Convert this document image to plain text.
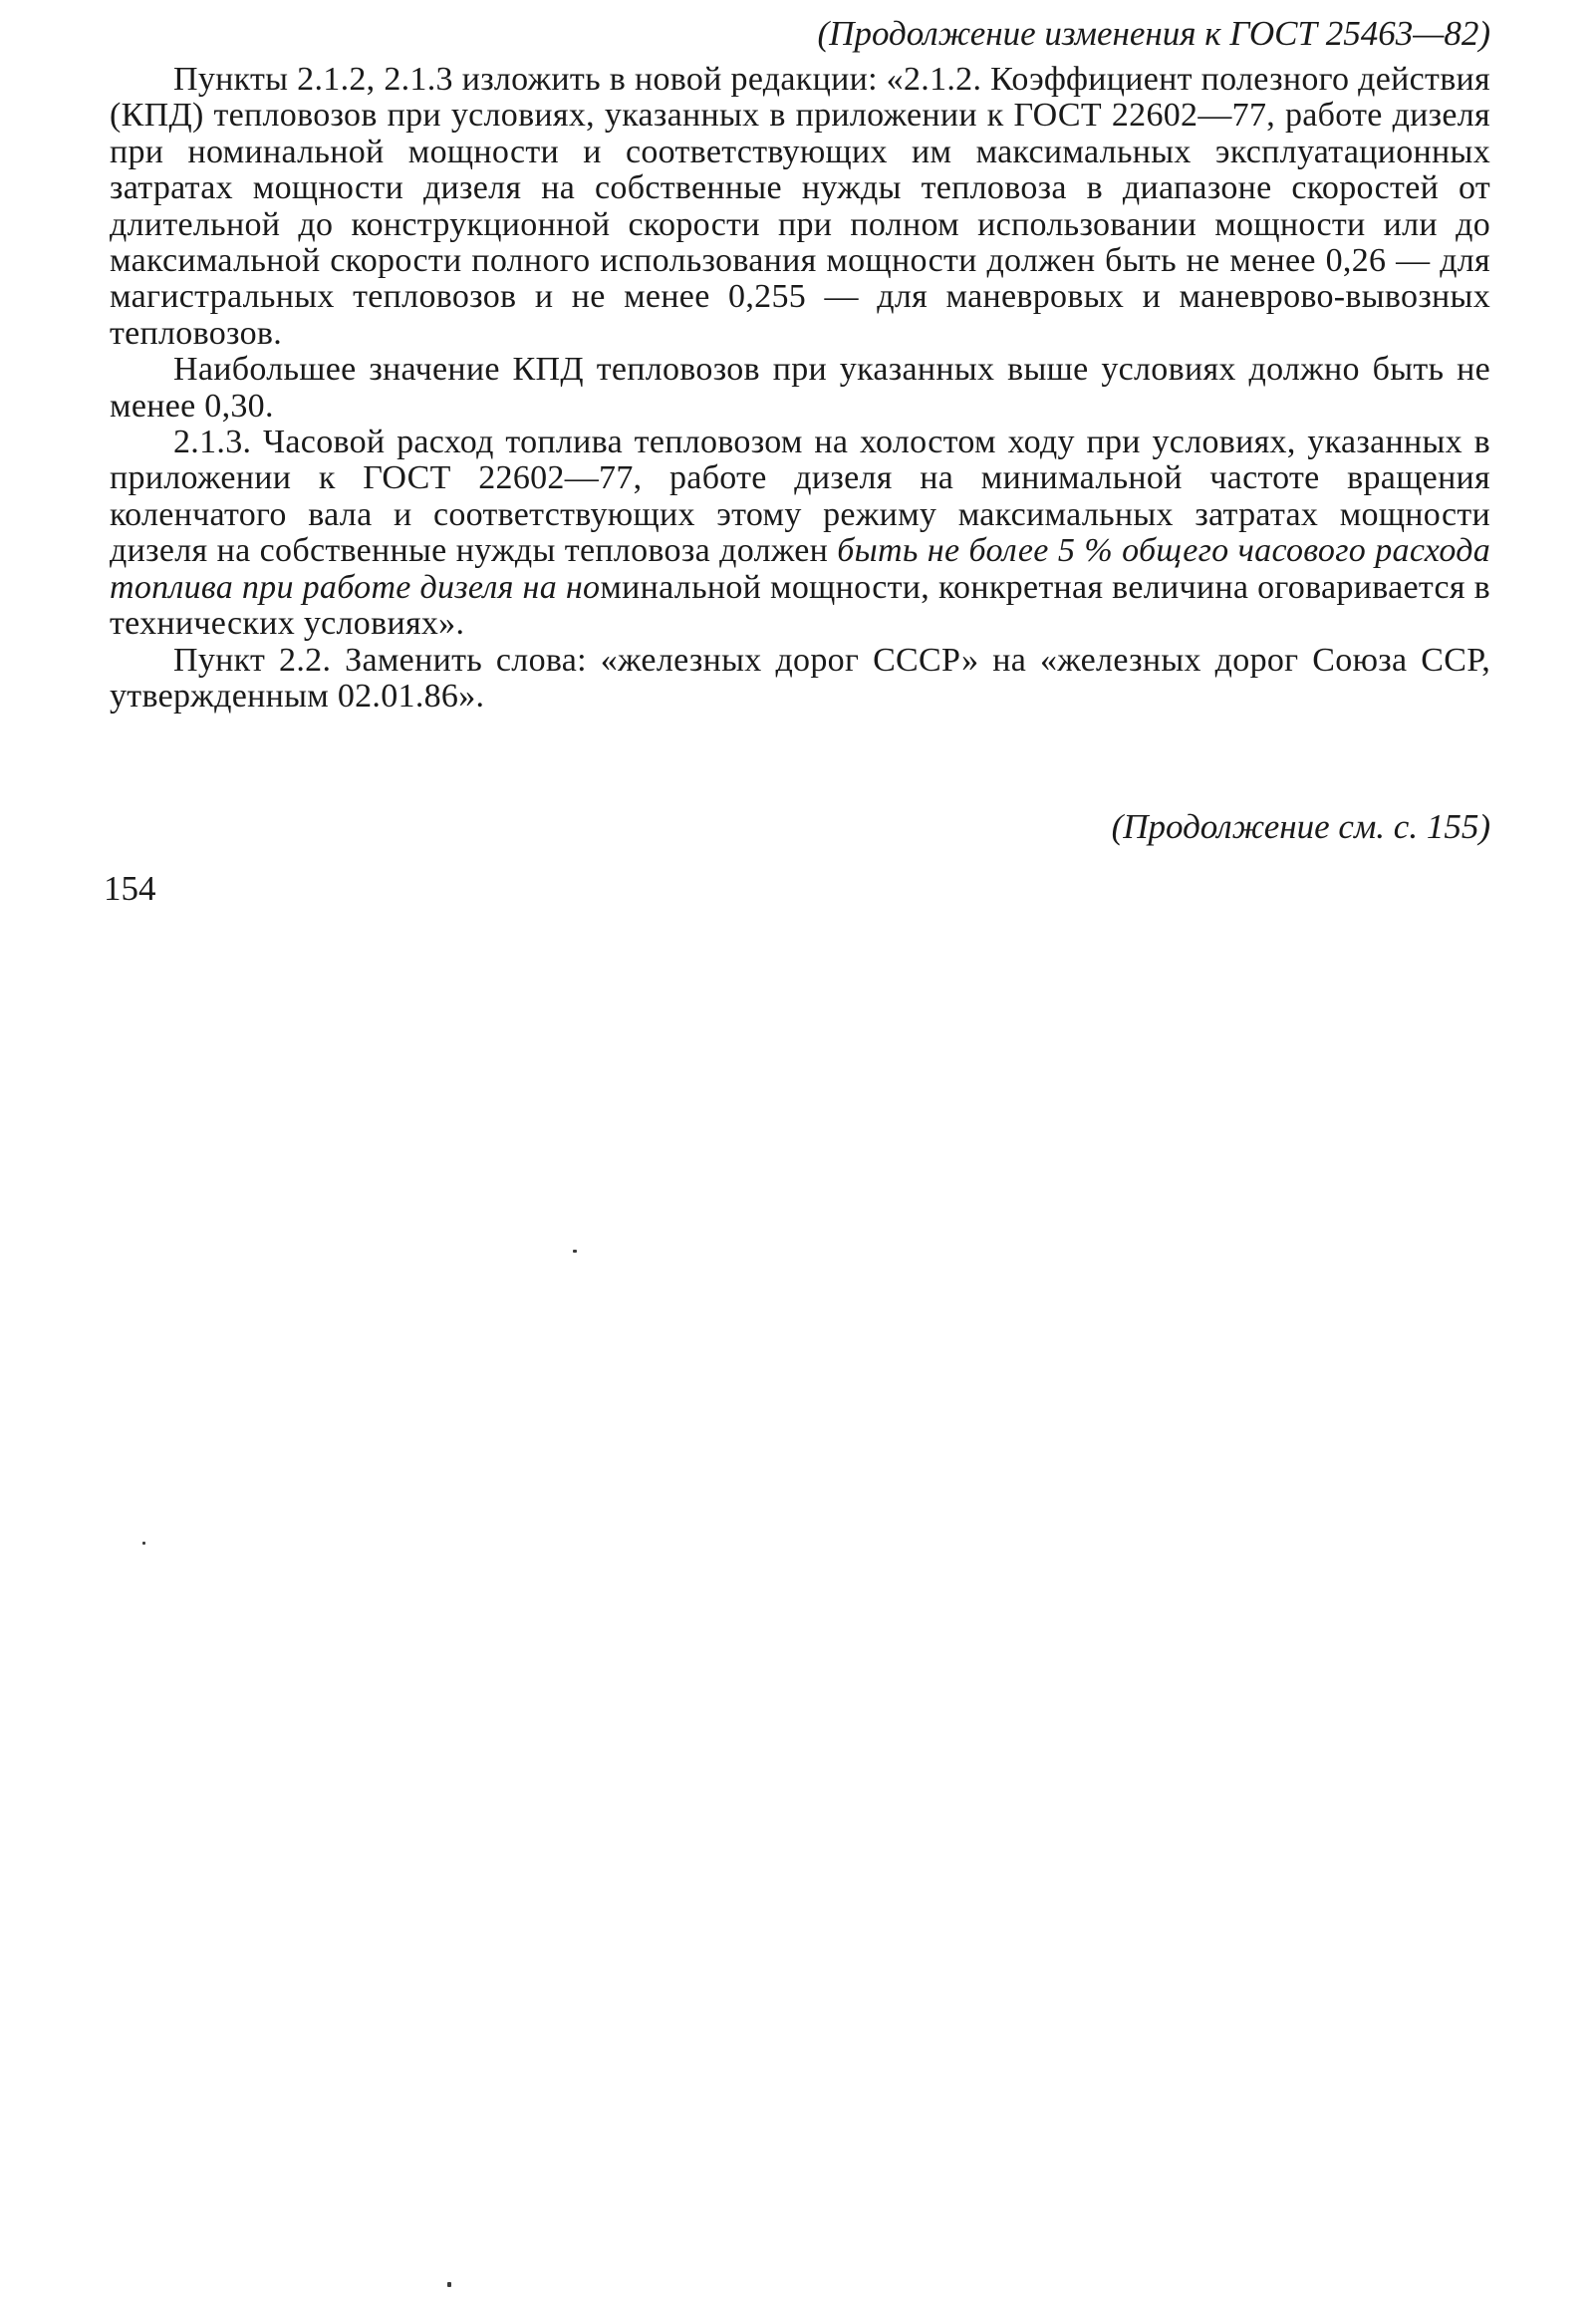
(Продолжение изменения к ГОСТ 25463—82)

Пункты 2.1.2, 2.1.3 изложить в новой редакции: «2.1.2. Коэффициент полезного действия (КПД) тепловозов при условиях, указанных в приложении к ГОСТ 22602—77, работе дизеля при номинальной мощности и соответствующих им максимальных эксплуатационных затратах мощности дизеля на собственные нужды тепловоза в диапазоне скоростей от длительной до конструкционной скорости при полном использовании мощности или до максимальной скорости полного использования мощности должен быть не менее 0,26 — для магистральных тепловозов и не менее 0,255 — для маневровых и маневрово-вывозных тепловозов.

Наибольшее значение КПД тепловозов при указанных выше условиях должно быть не менее 0,30.

2.1.3. Часовой расход топлива тепловозом на холостом ходу при условиях, указанных в приложении к ГОСТ 22602—77, работе дизеля на минимальной частоте вращения коленчатого вала и соответствующих этому режиму максимальных затратах мощности дизеля на собственные нужды тепловоза должен быть не более 5 % общего часового расхода топлива при работе дизеля на номинальной мощности, конкретная величина оговаривается в технических условиях».

Пункт 2.2. Заменить слова: «железных дорог СССР» на «железных дорог Союза ССР, утвержденным 02.01.86».

(Продолжение см. с. 155)
154
